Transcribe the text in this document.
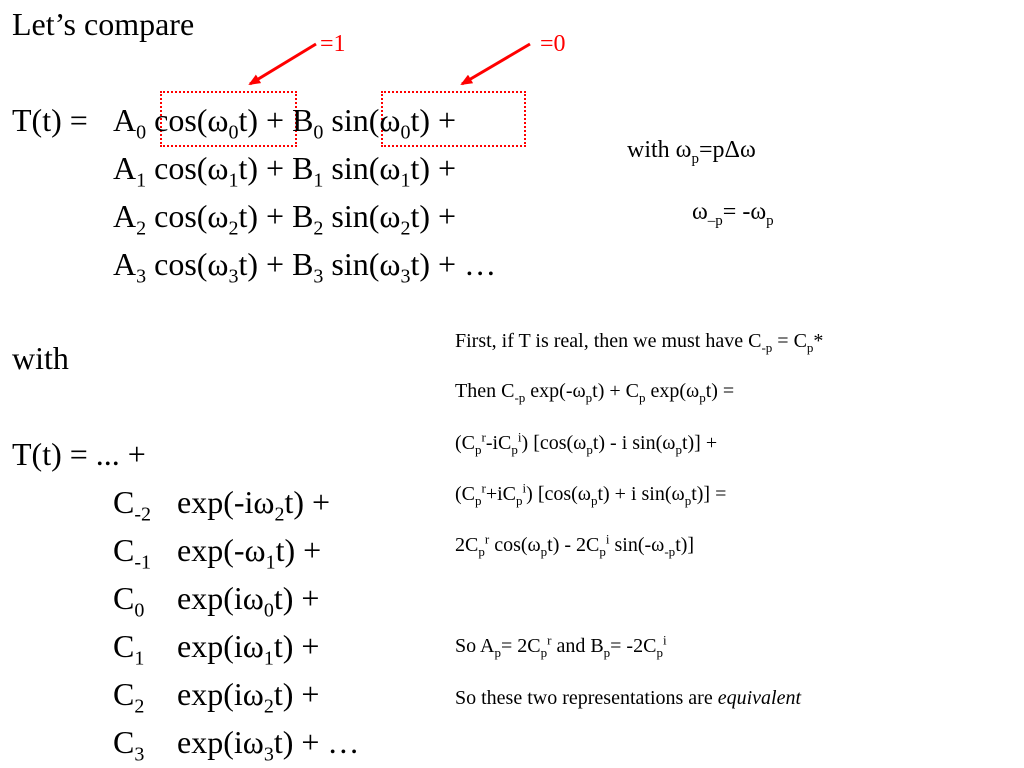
Let’s compare
=1	=0
$T(t) = A_0$ $\cos(\omega_0t) + B_0$ $\sin(\omega_0t)$ +
$A_1$ $\cos(\omega_1t) + B_1$ $\sin(\omega_1t)$ +
$A_2$ $\cos(\omega_2t) + B_2$ $\sin(\omega_2t)$ +
$A_3$ $\cos(\omega_3t) + B_3$ $\sin(\omega_3t)$ + …
with $\omega_p=p\Delta\omega$
$\omega_{-p}= -\omega_p$
with
T(t) = ... +
$C_{-2}$ $\exp(-i\omega_2t)$ +
$C_{-1}$ $\exp(-\omega_1t)$ +
$C_0$ $\exp(i\omega_0t)$ +
$C_1$ $\exp(i\omega_1t)$ +
$C_2$ $\exp(i\omega_2t)$ +
$C_3$ $\exp(i\omega_3t)$ + …
First, if T is real, then we must have $C_{-p} = C_p*$
Then $C_{-p}$ $\exp(-\omega_pt) + C_p$ $\exp(\omega_pt)$ =
$(C_p^r-iC_p^i)$ [$\cos(\omega_pt)$ - i $\sin(\omega_pt)$] +
$(C_p^r+iC_p^i) [\cos(\omega_pt) + i$ $\sin(\omega_pt)$] =
$2C_p^r$ $\cos(\omega_pt) - 2C_p^i$ $\sin(-\omega_{-p}t)$]
So $A_p= 2C_p^r$ and $B_p= -2C_p^i$
So these two representations are equivalent
